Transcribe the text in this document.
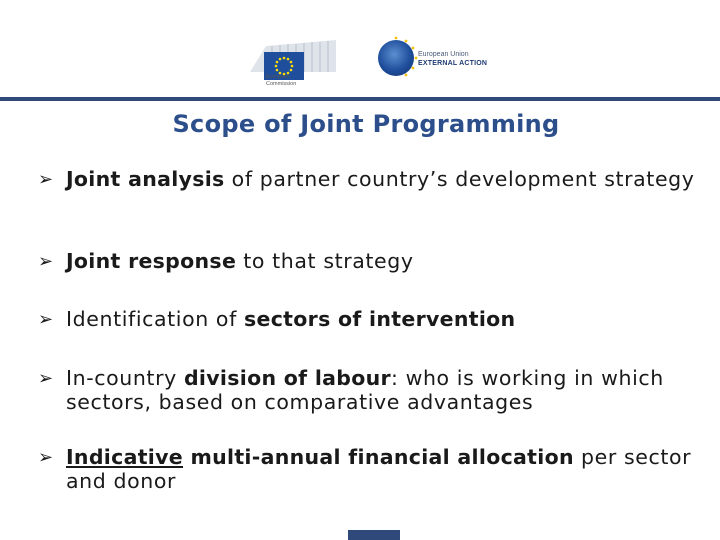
European
Commission
European Union
EXTERNAL ACTION
Scope of Joint Programming
➢ Joint analysis of partner country’s development strategy
➢ Joint response to that strategy
➢ Identification of sectors of intervention
➢ In-country division of labour: who is working in which sectors, based on comparative advantages
➢ Indicative multi-annual financial allocation per sector and donor
